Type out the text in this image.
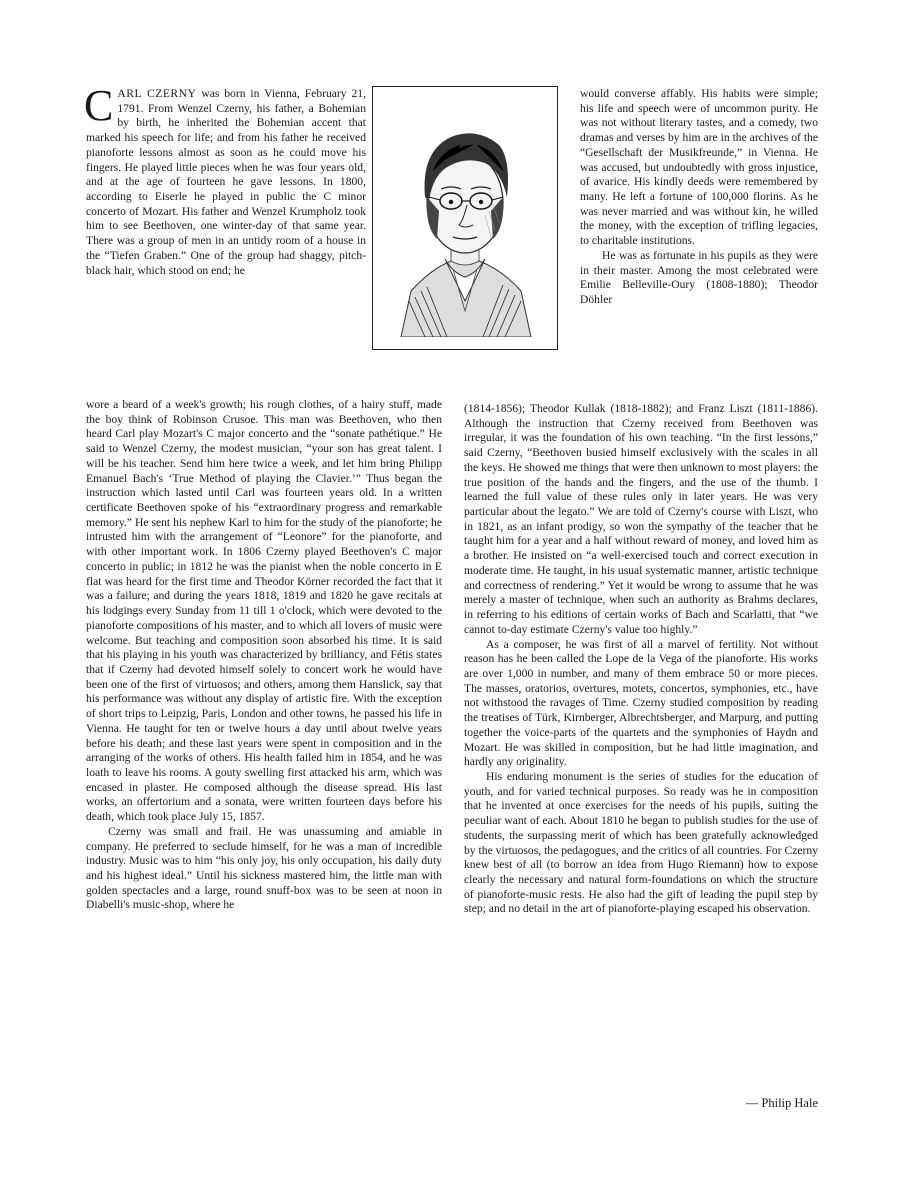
CARL CZERNY was born in Vienna, February 21, 1791. From Wenzel Czerny, his father, a Bohemian by birth, he inherited the Bohemian accent that marked his speech for life; and from his father he received pianoforte lessons almost as soon as he could move his fingers. He played little pieces when he was four years old, and at the age of fourteen he gave lessons. In 1800, according to Eiserle he played in public the C minor concerto of Mozart. His father and Wenzel Krumpholz took him to see Beethoven, one winter-day of that same year. There was a group of men in an untidy room of a house in the “Tiefen Graben.” One of the group had shaggy, pitch-black hair, which stood on end; he

wore a beard of a week's growth; his rough clothes, of a hairy stuff, made the boy think of Robinson Crusoe. This man was Beethoven, who then heard Carl play Mozart's C major concerto and the “sonate pathétique.” He said to Wenzel Czerny, the modest musician, “your son has great talent. I will be his teacher. Send him here twice a week, and let him bring Philipp Emanuel Bach's ‘True Method of playing the Clavier.’” Thus began the instruction which lasted until Carl was fourteen years old. In a written certificate Beethoven spoke of his “extraordinary progress and remarkable memory.” He sent his nephew Karl to him for the study of the pianoforte; he intrusted him with the arrangement of “Leonore” for the pianoforte, and with other important work. In 1806 Czerny played Beethoven's C major concerto in public; in 1812 he was the pianist when the noble concerto in E flat was heard for the first time and Theodor Körner recorded the fact that it was a failure; and during the years 1818, 1819 and 1820 he gave recitals at his lodgings every Sunday from 11 till 1 o'clock, which were devoted to the pianoforte compositions of his master, and to which all lovers of music were welcome. But teaching and composition soon absorbed his time. It is said that his playing in his youth was characterized by brilliancy, and Fétis states that if Czerny had devoted himself solely to concert work he would have been one of the first of virtuosos; and others, among them Hanslick, say that his performance was without any display of artistic fire. With the exception of short trips to Leipzig, Paris, London and other towns, he passed his life in Vienna. He taught for ten or twelve hours a day until about twelve years before his death; and these last years were spent in composition and in the arranging of the works of others. His health failed him in 1854, and he was loath to leave his rooms. A gouty swelling first attacked his arm, which was encased in plaster. He composed although the disease spread. His last works, an offertorium and a sonata, were written fourteen days before his death, which took place July 15, 1857.

Czerny was small and frail. He was unassuming and amiable in company. He preferred to seclude himself, for he was a man of incredible industry. Music was to him “his only joy, his only occupation, his daily duty and his highest ideal.” Until his sickness mastered him, the little man with golden spectacles and a large, round snuff-box was to be seen at noon in Diabelli's music-shop, where he

would converse affably. His habits were simple; his life and speech were of uncommon purity. He was not without literary tastes, and a comedy, two dramas and verses by him are in the archives of the “Gesellschaft der Musikfreunde,” in Vienna. He was accused, but undoubtedly with gross injustice, of avarice. His kindly deeds were remembered by many. He left a fortune of 100,000 florins. As he was never married and was without kin, he willed the money, with the exception of trifling legacies, to charitable institutions.

He was as fortunate in his pupils as they were in their master. Among the most celebrated were Emilie Belleville-Oury (1808-1880); Theodor Döhler

(1814-1856); Theodor Kullak (1818-1882); and Franz Liszt (1811-1886). Although the instruction that Czerny received from Beethoven was irregular, it was the foundation of his own teaching. “In the first lessons,” said Czerny, “Beethoven busied himself exclusively with the scales in all the keys. He showed me things that were then unknown to most players: the true position of the hands and the fingers, and the use of the thumb. I learned the full value of these rules only in later years. He was very particular about the legato.” We are told of Czerny's course with Liszt, who in 1821, as an infant prodigy, so won the sympathy of the teacher that he taught him for a year and a half without reward of money, and loved him as a brother. He insisted on “a well-exercised touch and correct execution in moderate time. He taught, in his usual systematic manner, artistic technique and correctness of rendering.” Yet it would be wrong to assume that he was merely a master of technique, when such an authority as Brahms declares, in referring to his editions of certain works of Bach and Scarlatti, that “we cannot to-day estimate Czerny's value too highly.”

As a composer, he was first of all a marvel of fertility. Not without reason has he been called the Lope de la Vega of the pianoforte. His works are over 1,000 in number, and many of them embrace 50 or more pieces. The masses, oratorios, overtures, motets, concertos, symphonies, etc., have not withstood the ravages of Time. Czerny studied composition by reading the treatises of Türk, Kirnberger, Albrechtsberger, and Marpurg, and putting together the voice-parts of the quartets and the symphonies of Haydn and Mozart. He was skilled in composition, but he had little imagination, and hardly any originality.

His enduring monument is the series of studies for the education of youth, and for varied technical purposes. So ready was he in composition that he invented at once exercises for the needs of his pupils, suiting the peculiar want of each. About 1810 he began to publish studies for the use of students, the surpassing merit of which has been gratefully acknowledged by the virtuosos, the pedagogues, and the critics of all countries. For Czerny knew best of all (to borrow an idea from Hugo Riemann) how to expose clearly the necessary and natural form-foundations on which the structure of pianoforte-music rests. He also had the gift of leading the pupil step by step; and no detail in the art of pianoforte-playing escaped his observation.

— Philip Hale
